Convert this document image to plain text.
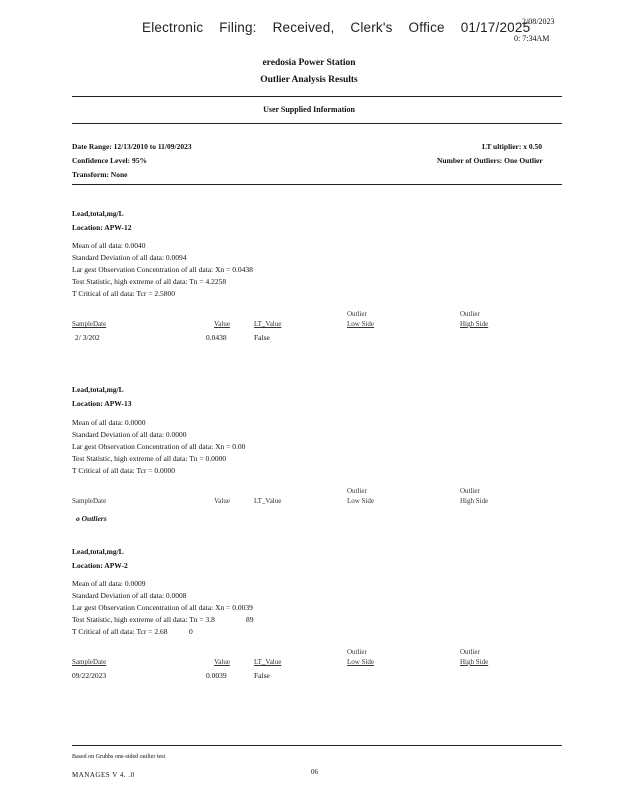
Electronic Filing: Received, Clerk's Office 01/17/2025
2/08/2023
0: 7:34AM
eredosia Power Station
Outlier Analysis Results
User Supplied Information
Date Range: 12/13/2010 to 11/09/2023
Confidence Level: 95%
Transform: None
LT ultiplier: x 0.50
Number of Outliers: One Outlier
Lead,total,mg/L
Location: APW-12
Mean of all data: 0.0040
Standard Deviation of all data: 0.0094
Lar gest Observation Concentration of all data: Xn = 0.0438
Test Statistic, high extreme of all data: Tn = 4.2258
T Critical of all data: Tcr = 2.5800
Outlier	Outlier
SampleDate	Value	LT_Value	Low Side	High Side
2/ 3/202	0.0438	False
Lead,total,mg/L
Location: APW-13
Mean of all data: 0.0000
Standard Deviation of all data: 0.0000
Lar gest Observation Concentration of all data: Xn = 0.00
Test Statistic, high extreme of all data: Tn = 0.0000
T Critical of all data: Tcr = 0.0000
Outlier	Outlier
SampleDate	Value	LT_Value	Low Side	High Side
o Outliers
Lead,total,mg/L
Location: APW-2
Mean of all data: 0.0009
Standard Deviation of all data: 0.0008
Lar gest Observation Concentration of all data: Xn = 0.0039
Test Statistic, high extreme of all data: Tn = 3.8	89
T Critical of all data: Tcr = 2.68	0
Outlier	Outlier
SampleDate	Value	LT_Value	Low Side	High Side
09/22/2023	0.0039	False
Based on Grubbs one-sided outlier test
MANAGES V 4. .0	06
